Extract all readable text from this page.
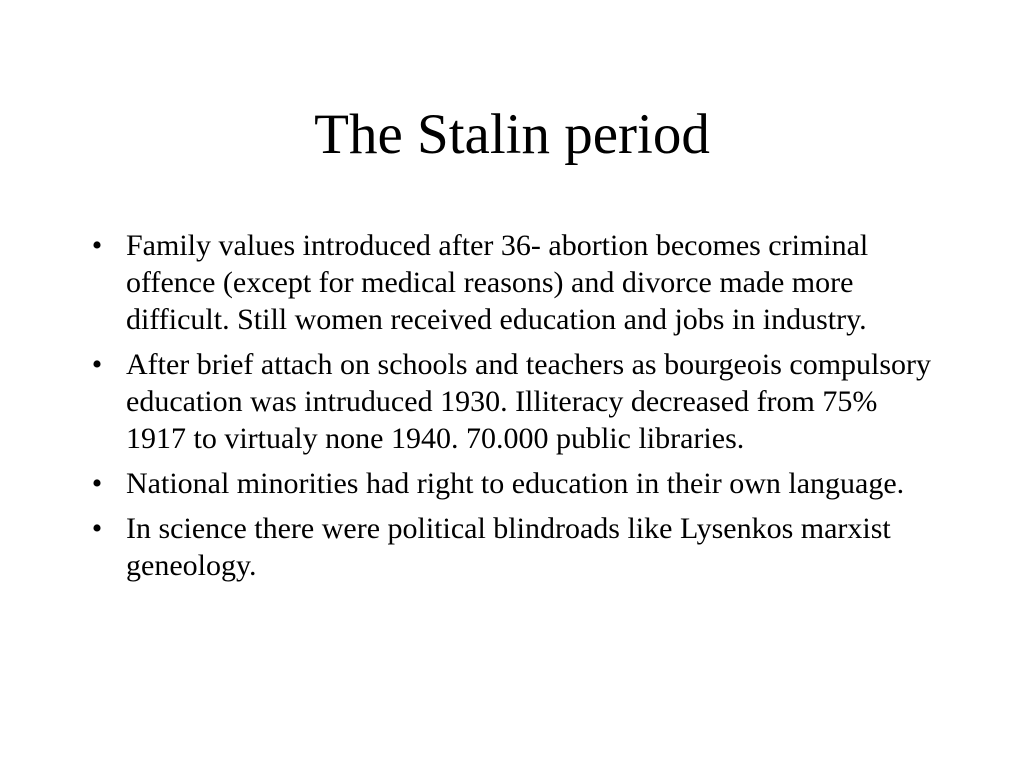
The Stalin period
• Family values introduced after 36- abortion becomes criminal offence (except for medical reasons) and divorce made more difficult. Still women received education and jobs in industry.
• After brief attach on schools and teachers as bourgeois compulsory education was intruduced 1930. Illiteracy decreased from 75% 1917 to virtualy none 1940. 70.000 public libraries.
• National minorities had right to education in their own language.
• In science there were political blindroads like Lysenkos marxist geneology.
